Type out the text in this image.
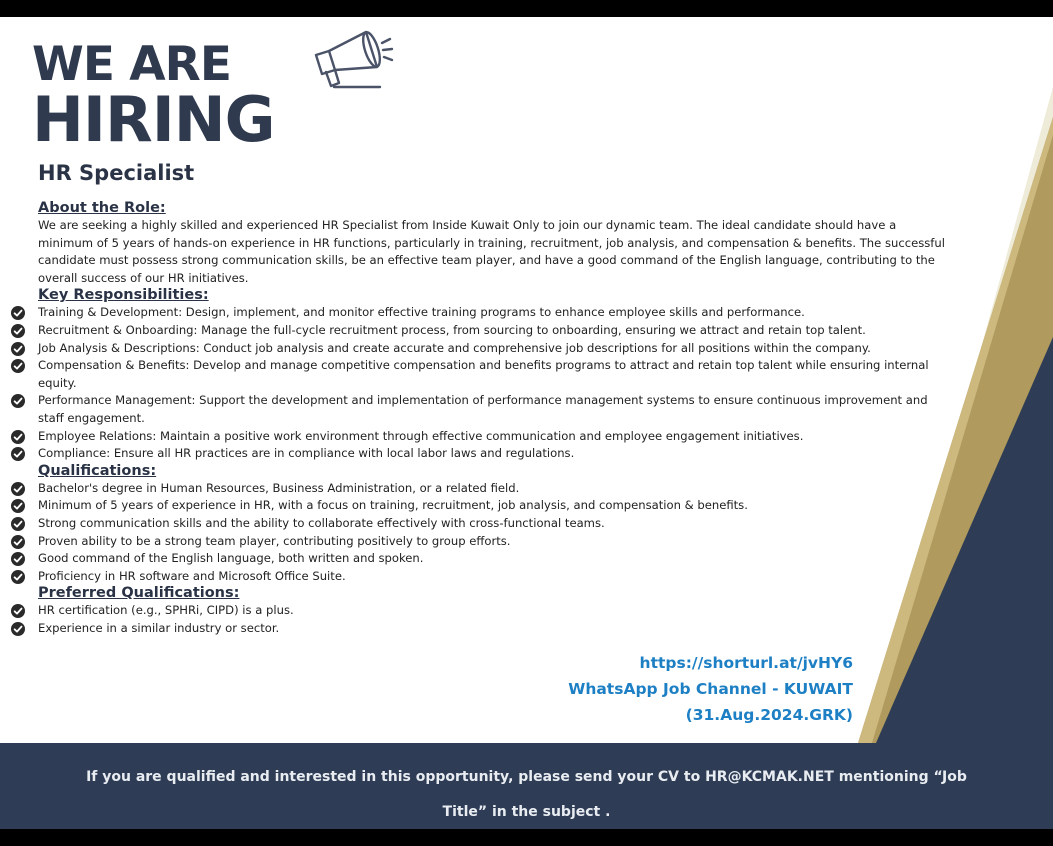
WE ARE
HIRING
HR Specialist
About the Role:

We are seeking a highly skilled and experienced HR Specialist from Inside Kuwait Only to join our dynamic team. The ideal candidate should have a minimum of 5 years of hands-on experience in HR functions, particularly in training, recruitment, job analysis, and compensation & benefits. The successful candidate must possess strong communication skills, be an effective team player, and have a good command of the English language, contributing to the overall success of our HR initiatives.

Key Responsibilities:
Training & Development: Design, implement, and monitor effective training programs to enhance employee skills and performance.
Recruitment & Onboarding: Manage the full-cycle recruitment process, from sourcing to onboarding, ensuring we attract and retain top talent.
Job Analysis & Descriptions: Conduct job analysis and create accurate and comprehensive job descriptions for all positions within the company.
Compensation & Benefits: Develop and manage competitive compensation and benefits programs to attract and retain top talent while ensuring internal equity.
Performance Management: Support the development and implementation of performance management systems to ensure continuous improvement and staff engagement.
Employee Relations: Maintain a positive work environment through effective communication and employee engagement initiatives.
Compliance: Ensure all HR practices are in compliance with local labor laws and regulations.
Qualifications:
Bachelor's degree in Human Resources, Business Administration, or a related field.
Minimum of 5 years of experience in HR, with a focus on training, recruitment, job analysis, and compensation & benefits.
Strong communication skills and the ability to collaborate effectively with cross-functional teams.
Proven ability to be a strong team player, contributing positively to group efforts.
Good command of the English language, both written and spoken.
Proficiency in HR software and Microsoft Office Suite.
Preferred Qualifications:
HR certification (e.g., SPHRi, CIPD) is a plus.
Experience in a similar industry or sector.
https://shorturl.at/jvHY6
WhatsApp Job Channel - KUWAIT
(31.Aug.2024.GRK)

If you are qualified and interested in this opportunity, please send your CV to HR@KCMAK.NET mentioning “Job Title” in the subject .
